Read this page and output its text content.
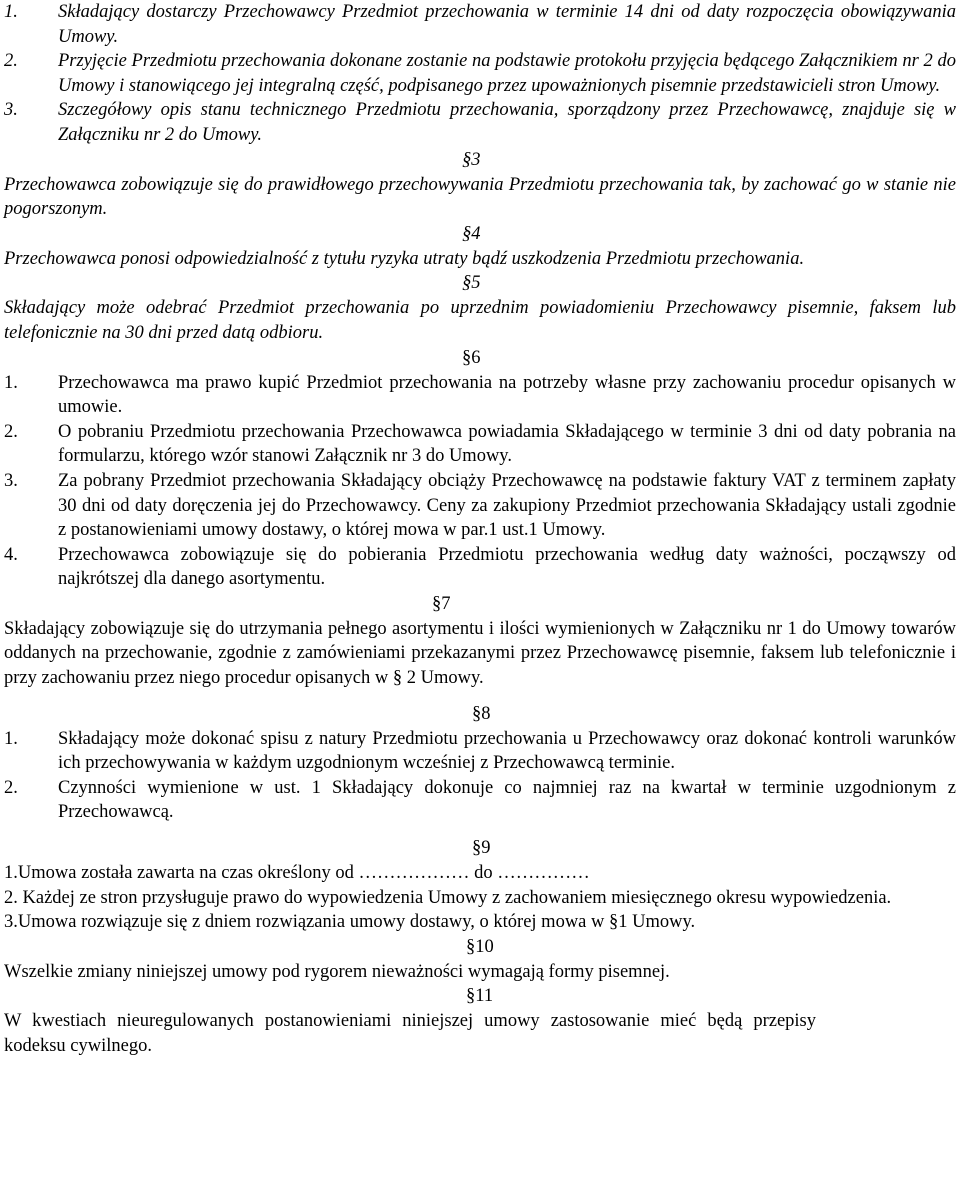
1.	Składający dostarczy Przechowawcy Przedmiot przechowania w terminie 14 dni od daty rozpoczęcia obowiązywania Umowy.
2.	Przyjęcie Przedmiotu przechowania dokonane zostanie na podstawie protokołu przyjęcia będącego Załącznikiem nr 2 do Umowy i stanowiącego jej integralną część, podpisanego przez upoważnionych pisemnie przedstawicieli stron Umowy.
3.	Szczegółowy opis stanu technicznego Przedmiotu przechowania, sporządzony przez Przechowawcę, znajduje się w Załączniku nr 2 do Umowy.
§3
Przechowawca zobowiązuje się do prawidłowego przechowywania Przedmiotu przechowania tak, by zachować go w stanie nie pogorszonym.
§4
Przechowawca ponosi odpowiedzialność z tytułu ryzyka utraty bądź uszkodzenia Przedmiotu przechowania.
§5
Składający może odebrać Przedmiot przechowania po uprzednim powiadomieniu Przechowawcy pisemnie, faksem lub telefonicznie na 30 dni przed datą odbioru.
§6
1.	Przechowawca ma prawo kupić Przedmiot przechowania na potrzeby własne przy zachowaniu procedur opisanych w umowie.
2.	O pobraniu Przedmiotu przechowania Przechowawca powiadamia Składającego w terminie 3 dni od daty pobrania na formularzu, którego wzór stanowi Załącznik nr 3 do Umowy.
3.	Za pobrany Przedmiot przechowania Składający obciąży Przechowawcę na podstawie faktury VAT z terminem zapłaty 30 dni od daty doręczenia jej do Przechowawcy. Ceny za zakupiony Przedmiot przechowania Składający ustali zgodnie z postanowieniami umowy dostawy, o której mowa w par.1 ust.1 Umowy.
4.	Przechowawca zobowiązuje się do pobierania Przedmiotu przechowania według daty ważności, począwszy od najkrótszej dla danego asortymentu.
§7
Składający zobowiązuje się do utrzymania pełnego asortymentu i ilości wymienionych w Załączniku nr 1 do Umowy towarów oddanych na przechowanie, zgodnie z zamówieniami przekazanymi przez Przechowawcę pisemnie, faksem lub telefonicznie i przy zachowaniu przez niego procedur opisanych w § 2 Umowy.
§8
1.	Składający może dokonać spisu z natury Przedmiotu przechowania u Przechowawcy oraz dokonać kontroli warunków ich przechowywania w każdym uzgodnionym wcześniej z Przechowawcą terminie.
2.	Czynności wymienione w ust. 1 Składający dokonuje co najmniej raz na kwartał w terminie uzgodnionym z Przechowawcą.
§9
1.Umowa została zawarta na czas określony od ……………… do ……………
2. Każdej ze stron przysługuje prawo do wypowiedzenia Umowy z zachowaniem miesięcznego okresu wypowiedzenia.
3.Umowa rozwiązuje się z dniem rozwiązania umowy dostawy, o której mowa w §1 Umowy.
§10
Wszelkie zmiany niniejszej umowy pod rygorem nieważności wymagają formy pisemnej.
§11
W kwestiach nieuregulowanych postanowieniami niniejszej umowy zastosowanie mieć będą przepisy kodeksu cywilnego.
